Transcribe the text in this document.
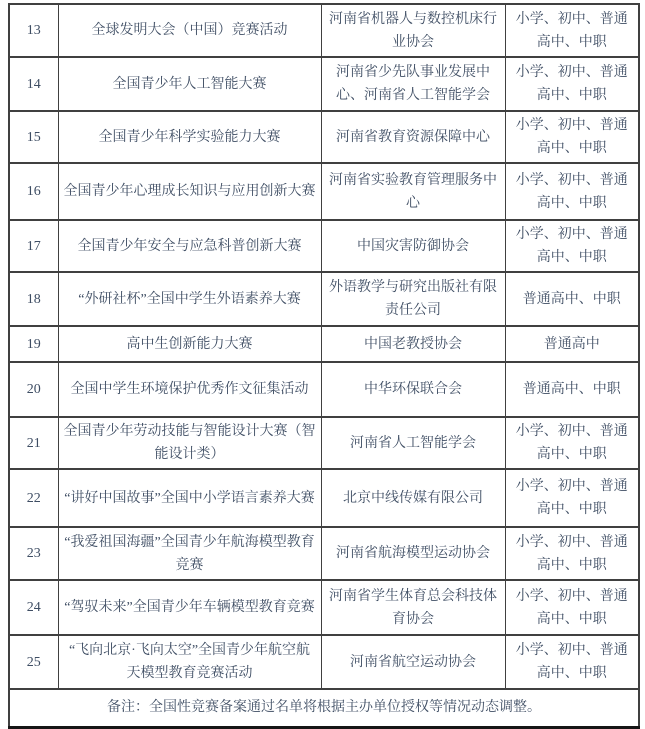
13	全球发明大会（中国）竞赛活动	河南省机器人与数控机床行业协会	小学、初中、普通高中、中职
14	全国青少年人工智能大赛	河南省少先队事业发展中心、河南省人工智能学会	小学、初中、普通高中、中职
15	全国青少年科学实验能力大赛	河南省教育资源保障中心	小学、初中、普通高中、中职
16	全国青少年心理成长知识与应用创新大赛	河南省实验教育管理服务中心	小学、初中、普通高中、中职
17	全国青少年安全与应急科普创新大赛	中国灾害防御协会	小学、初中、普通高中、中职
18	“外研社杯”全国中学生外语素养大赛	外语教学与研究出版社有限责任公司	普通高中、中职
19	高中生创新能力大赛	中国老教授协会	普通高中
20	全国中学生环境保护优秀作文征集活动	中华环保联合会	普通高中、中职
21	全国青少年劳动技能与智能设计大赛（智能设计类）	河南省人工智能学会	小学、初中、普通高中、中职
22	“讲好中国故事”全国中小学语言素养大赛	北京中线传媒有限公司	小学、初中、普通高中、中职
23	“我爱祖国海疆”全国青少年航海模型教育竞赛	河南省航海模型运动协会	小学、初中、普通高中、中职
24	“驾驭未来”全国青少年车辆模型教育竞赛	河南省学生体育总会科技体育协会	小学、初中、普通高中、中职
25	“飞向北京·飞向太空”全国青少年航空航天模型教育竞赛活动	河南省航空运动协会	小学、初中、普通高中、中职
备注：全国性竞赛备案通过名单将根据主办单位授权等情况动态调整。			
